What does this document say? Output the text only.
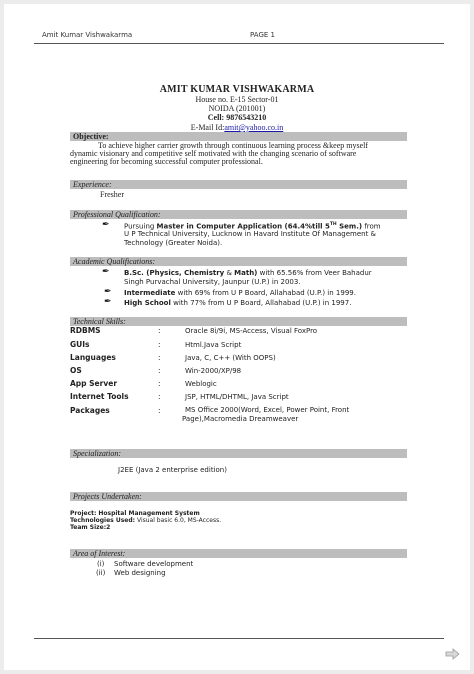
Amit Kumar Vishwakarma	PAGE 1
AMIT KUMAR VISHWAKARMA
House no. E-15 Sector-01
NOIDA (201001)
Cell: 9876543210
E-Mail Id:amit@yahoo.co.in
Objective:
To achieve higher carrier growth through continuous learning process &keep myself
dynamic visionary and competitive self motivated with the changing scenario of software
engineering for becoming successful computer professional.
Experience:
Fresher
Professional Qualification:
✒ Pursuing Master in Computer Application (64.4%till 5TH Sem.) from
U P Technical University, Lucknow in Havard Institute Of Management &
Technology (Greater Noida).
Academic Qualifications:
✒ B.Sc. (Physics, Chemistry & Math) with 65.56% from Veer Bahadur
Singh Purvachal University, Jaunpur (U.P.) in 2003.
✒ Intermediate with 69% from U P Board, Allahabad (U.P.) in 1999.
✒ High School with 77% from U P Board, Allahabad (U.P.) in 1997.
Technical Skills:
RDBMS	:	Oracle 8i/9i, MS-Access, Visual FoxPro
GUIs	:	Html.Java Script
Languages	:	Java, C, C++ (With OOPS)
OS	:	Win-2000/XP/98
App Server	:	Weblogic
Internet Tools	:	JSP, HTML/DHTML, Java Script
Packages	:	MS Office 2000(Word, Excel, Power Point, Front
Page),Macromedia Dreamweaver
Specialization:
J2EE (Java 2 enterprise edition)
Projects Undertaken:
Project: Hospital Management System
Technologies Used: Visual basic 6.0, MS-Access.
Team Size:2
Area of Interest:
(i) Software development
(ii) Web designing
